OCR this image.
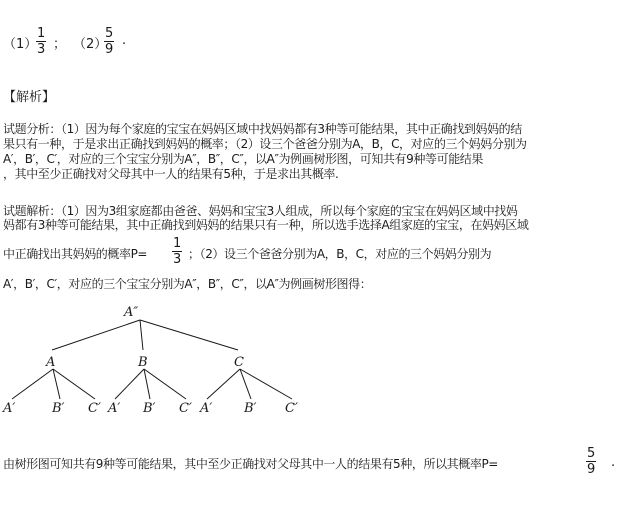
（1）
$\frac{1}{3}$ ； （2）
$\frac{5}{9}$ .
【解析】
试题分析：（1）因为每个家庭的宝宝在妈妈区域中找妈妈都有3种等可能结果，其中正确找到妈妈的结
果只有一种，于是求出正确找到妈妈的概率；（2）设三个爸爸分别为A，B，C，对应的三个妈妈分别为
A′，B′，C′，对应的三个宝宝分别为A″，B″，C″，以A″为例画树形图，可知共有9种等可能结果
，其中至少正确找对父母其中一人的结果有5种，于是求出其概率.
试题解析：（1）因为3组家庭都由爸爸、妈妈和宝宝3人组成，所以每个家庭的宝宝在妈妈区域中找妈
妈都有3种等可能结果，其中正确找到妈妈的结果只有一种，所以选手选择A组家庭的宝宝，在妈妈区域
中正确找出其妈妈的概率$P= \frac{1}{3}$ ；（2）设三个爸爸分别为A，B，C，对应的三个妈妈分别为
A′，B′，C′，对应的三个宝宝分别为A″，B″，C″，以A″为例画树形图得：
A″
A	B	C
A′	B′ C′ A′ B′ C′ A′ B′ C′
由树形图可知共有9种等可能结果，其中至少正确找对父母其中一人的结果有5种，所以其概率P=	$\frac{5}{9}$ .
